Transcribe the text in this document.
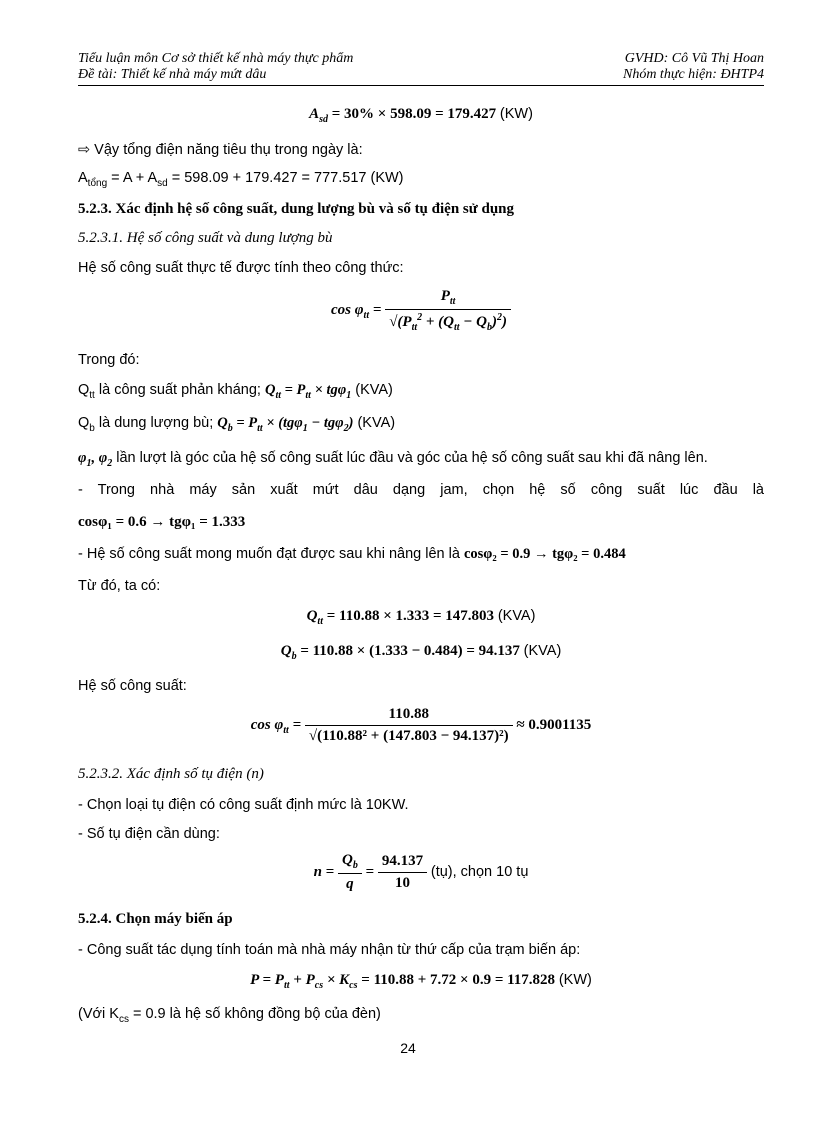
Tiểu luận môn Cơ sở thiết kế nhà máy thực phẩm	GVHD: Cô Vũ Thị Hoan
Đề tài: Thiết kế nhà máy mứt dâu	Nhóm thực hiện: ĐHTP4
$A_{sd} = 30\% \times 598.09 = 179.427$ (KW)
⇨ Vậy tổng điện năng tiêu thụ trong ngày là:
$A_{tổng} = A + A_{sd} = 598.09 + 179.427 = 777.517$ (KW)
5.2.3. Xác định hệ số công suất, dung lượng bù và số tụ điện sử dụng
5.2.3.1. Hệ số công suất và dung lượng bù
Hệ số công suất thực tế được tính theo công thức:
$\cos \varphi_{tt} = \frac{P_{tt}}{√(P_{tt}^2 + (Q_{tt} - Q_b)^2)}$
Trong đó:
$Q_{tt}$ là công suất phản kháng; $Q_{tt} = P_{tt} \times tg\varphi_1$ (KVA)
$Q_b$ là dung lượng bù; $Q_b = P_{tt} \times (tg\varphi_1 - tg\varphi_2)$ (KVA)
$\varphi_1$, $\varphi_2$ lần lượt là góc của hệ số công suất lúc đầu và góc của hệ số công suất sau khi đã nâng lên.
- Trong nhà máy sản xuất mứt dâu dạng jam, chọn hệ số công suất lúc đầu là
cosφ₁ = 0.6 → tgφ₁ = 1.333
- Hệ số công suất mong muốn đạt được sau khi nâng lên là cosφ₂ = 0.9 → tgφ₂ = 0.484
Từ đó, ta có:
$Q_{tt} = 110.88 \times 1.333 = 147.803$ (KVA)
$Q_b = 110.88 \times (1.333 - 0.484) = 94.137$ (KVA)
Hệ số công suất:
$\cos \varphi_{tt} = \frac{110.88}{\text{√(110.88² + (147.803 − 94.137)²)}} \approx 0.9001135$
5.2.3.2. Xác định số tụ điện (n)
- Chọn loại tụ điện có công suất định mức là 10KW.
- Số tụ điện cần dùng:
$n = \frac{Q_b}{q} = \frac{94.137}{10}$ (tụ), chọn 10 tụ
5.2.4. Chọn máy biến áp
- Công suất tác dụng tính toán mà nhà máy nhận từ thứ cấp của trạm biến áp:
$P = P_{tt} + P_{cs} \times K_{cs} = 110.88 + 7.72 \times 0.9 = 117.828$ (KW)
(Với $K_{cs} = 0.9$ là hệ số không đồng bộ của đèn)
24
